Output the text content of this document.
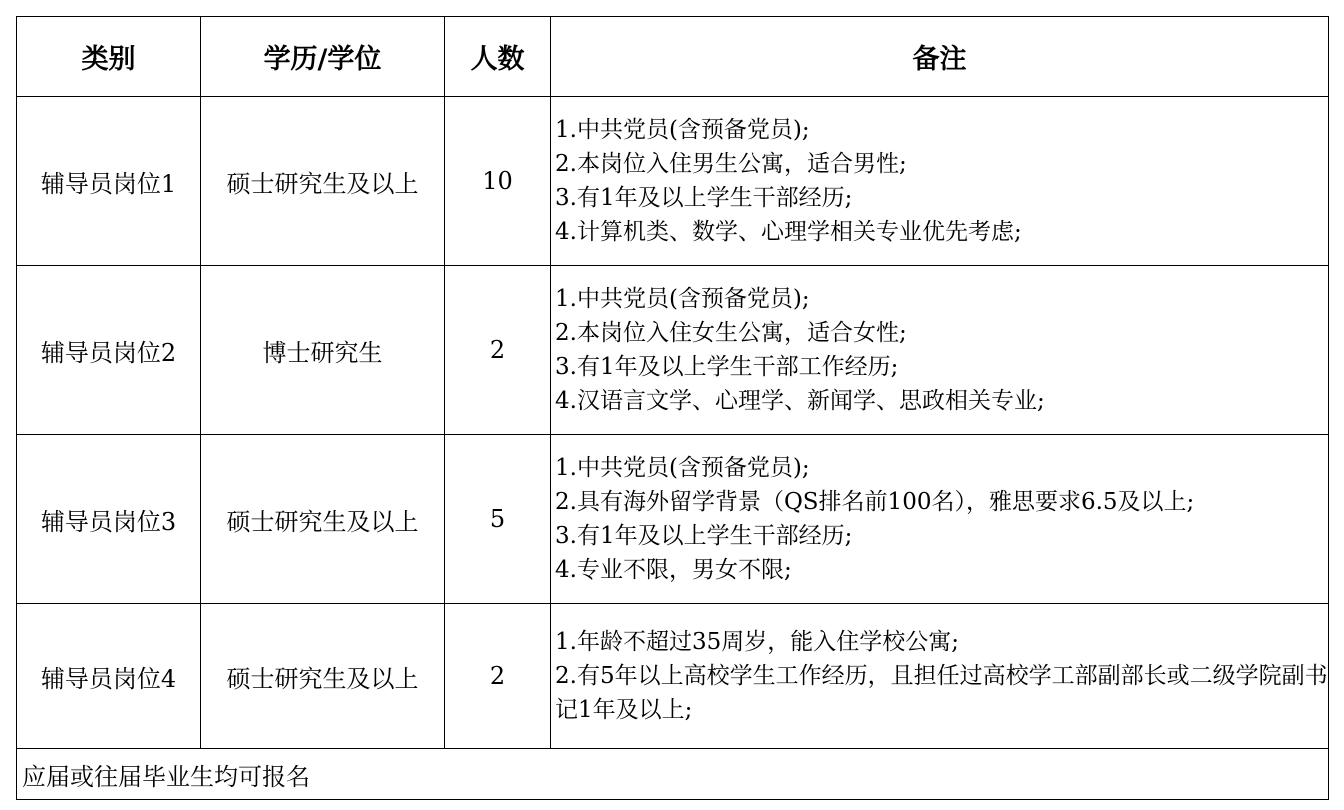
类别	学历/学位	人数	备注
辅导员岗位1	硕士研究生及以上	10	1.中共党员(含预备党员);
2.本岗位入住男生公寓，适合男性;
3.有1年及以上学生干部经历;
4.计算机类、数学、心理学相关专业优先考虑;

辅导员岗位2	博士研究生	2	1.中共党员(含预备党员);
2.本岗位入住女生公寓，适合女性;
3.有1年及以上学生干部工作经历;
4.汉语言文学、心理学、新闻学、思政相关专业;

辅导员岗位3	硕士研究生及以上	5	1.中共党员(含预备党员);
2.具有海外留学背景（QS排名前100名），雅思要求6.5及以上;
3.有1年及以上学生干部经历;
4.专业不限，男女不限;

辅导员岗位4	硕士研究生及以上	2	1.年龄不超过35周岁，能入住学校公寓;
2.有5年以上高校学生工作经历，且担任过高校学工部副部长或二级学院副书记1年及以上;

应届或往届毕业生均可报名			
